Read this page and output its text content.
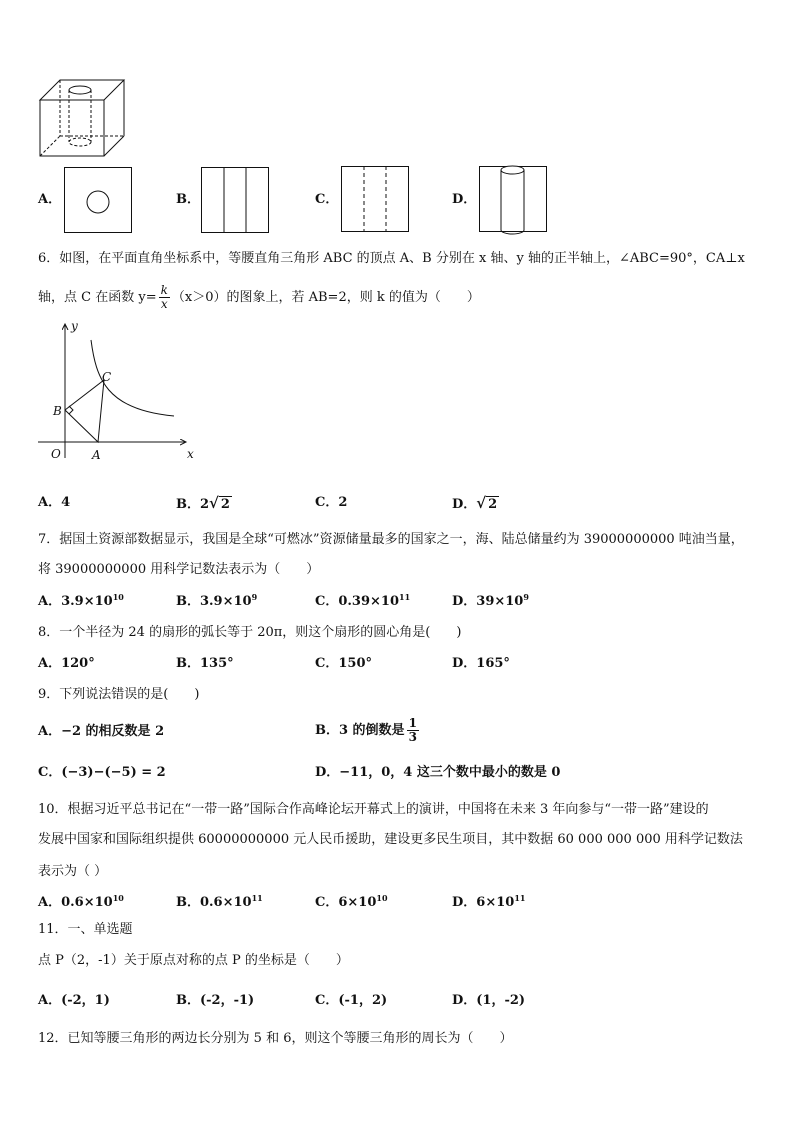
A．	B．	C．	D．
6．如图，在平面直角坐标系中，等腰直角三角形 ABC 的顶点 A、B 分别在 x 轴、y 轴的正半轴上，∠ABC=90°，CA⊥x
轴，点 C 在函数 $y= \frac{k}{x} (x>0)$的图象上，若 AB=2，则 k 的值为（　　）
y
x
O	A
B
C
A．4	B．2√ 2	C．2	D．√ 2
7．据国土资源部数据显示，我国是全球“可燃冰”资源储量最多的国家之一，海、陆总储量约为 39000000000 吨油当量，
将 39000000000 用科学记数法表示为（　　）
A．$3.9\times 10^{10}$	B．$3.9\times 10^9$	C．$0.39\times 10^{11}$	D．$39\times 10^9$
8．一个半径为 24 的扇形的弧长等于 20π，则这个扇形的圆心角是(　　)
A．120°	B．135°	C．150°	D．165°
9．下列说法错误的是(　　)
A．−2 的相反数是 2	B．3 的倒数是 $\frac{1}{3}$
C．(−3)−(−5) = 2	D．−11，0，4 这三个数中最小的数是 0
10．根据习近平总书记在“一带一路”国际合作高峰论坛开幕式上的演讲，中国将在未来 3 年向参与“一带一路”建设的
发展中国家和国际组织提供 60000000000 元人民币援助，建设更多民生项目，其中数据 60 000 000 000 用科学记数法
表示为（ ）
A．$0.6\times 10^{10}$	B．$0.6\times 10^{11}$	C．$6\times 10^{10}$	D．$6\times 10^{11}$
11．一、单选题
点 P（2，-1）关于原点对称的点 P 的坐标是（　　）
A．(-2，1)	B．(-2，-1)	C．(-1，2)	D．(1，-2)
12．已知等腰三角形的两边长分别为 5 和 6，则这个等腰三角形的周长为（　　）
